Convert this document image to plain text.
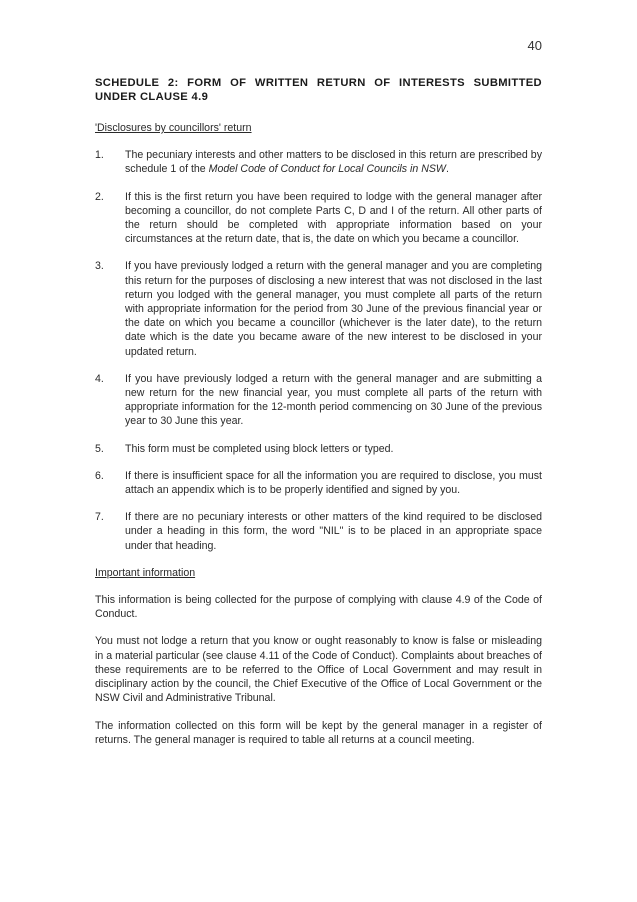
40
SCHEDULE 2: FORM OF WRITTEN RETURN OF INTERESTS SUBMITTED UNDER CLAUSE 4.9
'Disclosures by councillors' return
1.	The pecuniary interests and other matters to be disclosed in this return are prescribed by schedule 1 of the Model Code of Conduct for Local Councils in NSW.
2.	If this is the first return you have been required to lodge with the general manager after becoming a councillor, do not complete Parts C, D and I of the return. All other parts of the return should be completed with appropriate information based on your circumstances at the return date, that is, the date on which you became a councillor.
3.	If you have previously lodged a return with the general manager and you are completing this return for the purposes of disclosing a new interest that was not disclosed in the last return you lodged with the general manager, you must complete all parts of the return with appropriate information for the period from 30 June of the previous financial year or the date on which you became a councillor (whichever is the later date), to the return date which is the date you became aware of the new interest to be disclosed in your updated return.
4.	If you have previously lodged a return with the general manager and are submitting a new return for the new financial year, you must complete all parts of the return with appropriate information for the 12-month period commencing on 30 June of the previous year to 30 June this year.
5.	This form must be completed using block letters or typed.
6.	If there is insufficient space for all the information you are required to disclose, you must attach an appendix which is to be properly identified and signed by you.
7.	If there are no pecuniary interests or other matters of the kind required to be disclosed under a heading in this form, the word "NIL" is to be placed in an appropriate space under that heading.
Important information

This information is being collected for the purpose of complying with clause 4.9 of the Code of Conduct.

You must not lodge a return that you know or ought reasonably to know is false or misleading in a material particular (see clause 4.11 of the Code of Conduct). Complaints about breaches of these requirements are to be referred to the Office of Local Government and may result in disciplinary action by the council, the Chief Executive of the Office of Local Government or the NSW Civil and Administrative Tribunal.

The information collected on this form will be kept by the general manager in a register of returns. The general manager is required to table all returns at a council meeting.
